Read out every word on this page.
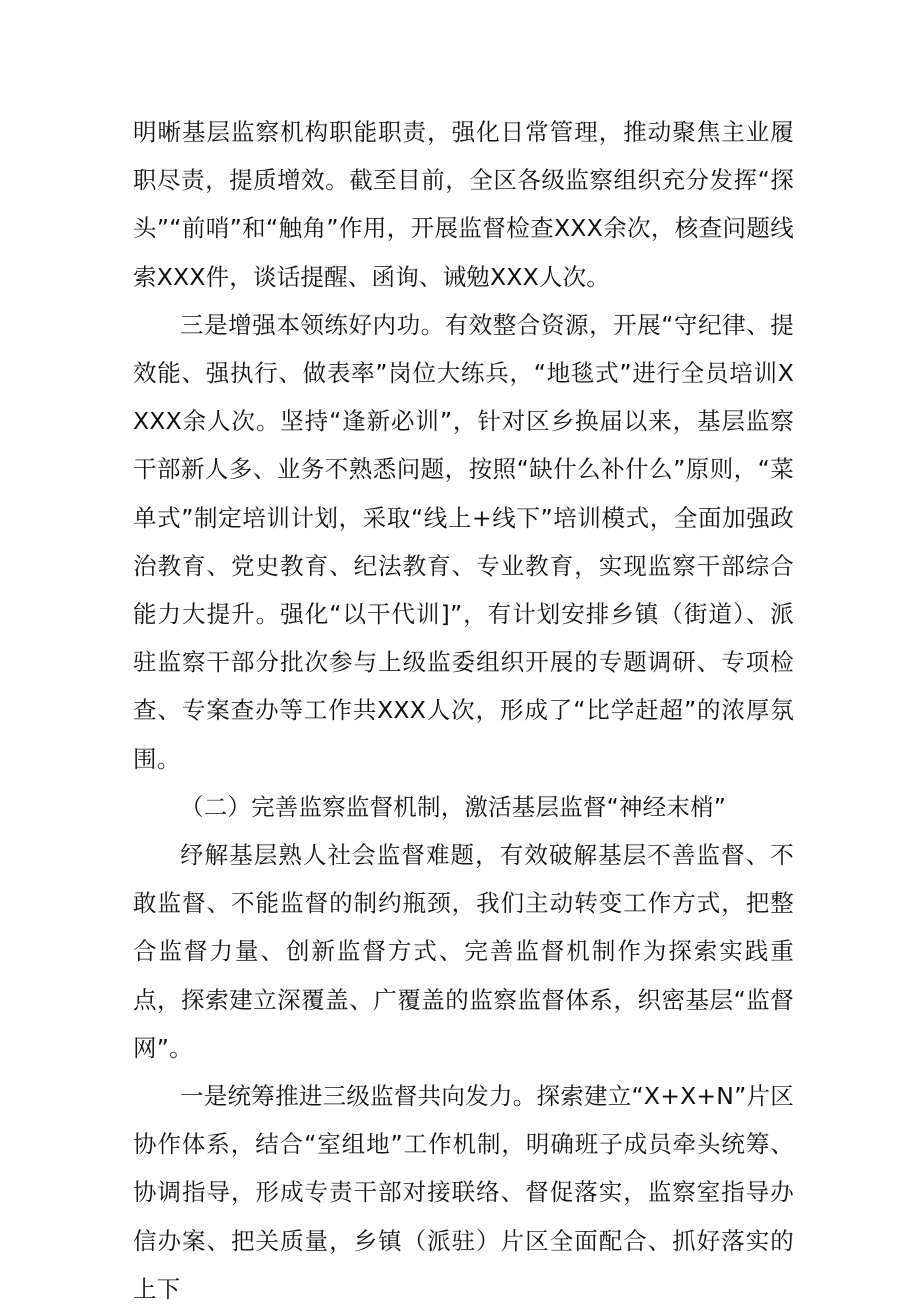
明晰基层监察机构职能职责，强化日常管理，推动聚焦主业履职尽责，提质增效。截至目前，全区各级监察组织充分发挥“探头”“前哨”和“触角”作用，开展监督检查XXX余次，核查问题线索XXX件，谈话提醒、函询、诫勉XXX人次。

三是增强本领练好内功。有效整合资源，开展“守纪律、提效能、强执行、做表率”岗位大练兵，“地毯式”进行全员培训XXXX余人次。坚持“逢新必训”，针对区乡换届以来，基层监察干部新人多、业务不熟悉问题，按照“缺什么补什么”原则，“菜单式”制定培训计划，采取“线上+线下”培训模式，全面加强政治教育、党史教育、纪法教育、专业教育，实现监察干部综合能力大提升。强化“以干代训]”，有计划安排乡镇（街道）、派驻监察干部分批次参与上级监委组织开展的专题调研、专项检查、专案查办等工作共XXX人次，形成了“比学赶超”的浓厚氛围。

（二）完善监察监督机制，激活基层监督“神经末梢”

纾解基层熟人社会监督难题，有效破解基层不善监督、不敢监督、不能监督的制约瓶颈，我们主动转变工作方式，把整合监督力量、创新监督方式、完善监督机制作为探索实践重点，探索建立深覆盖、广覆盖的监察监督体系，织密基层“监督网”。

一是统筹推进三级监督共向发力。探索建立“X+X+N”片区协作体系，结合“室组地”工作机制，明确班子成员牵头统筹、协调指导，形成专责干部对接联络、督促落实，监察室指导办信办案、把关质量，乡镇（派驻）片区全面配合、抓好落实的上下
